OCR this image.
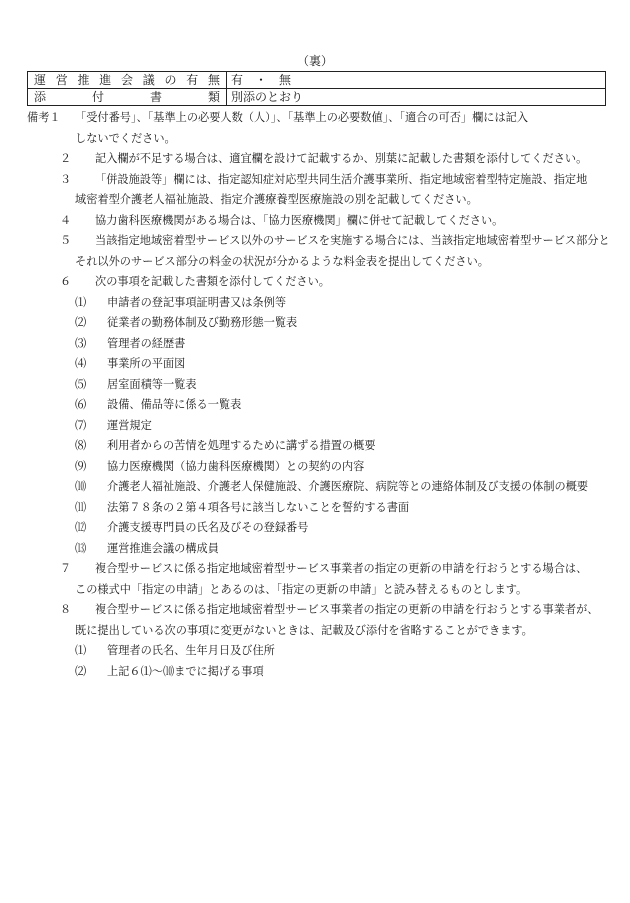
（裏）
運営推進会議の有無	有　・　無
添付書類	別添のとおり
備考１	「受付番号」、「基準上の必要人数（人）」、「基準上の必要数値」、「適合の可否」欄には記入
しないでください。
２	記入欄が不足する場合は、適宜欄を設けて記載するか、別葉に記載した書類を添付してください。
３	「併設施設等」欄には、指定認知症対応型共同生活介護事業所、指定地域密着型特定施設、指定地
域密着型介護老人福祉施設、指定介護療養型医療施設の別を記載してください。
４	協力歯科医療機関がある場合は、「協力医療機関」欄に併せて記載してください。
５	当該指定地域密着型サービス以外のサービスを実施する場合には、当該指定地域密着型サービス部分と
それ以外のサービス部分の料金の状況が分かるような料金表を提出してください。
６	次の事項を記載した書類を添付してください。
⑴	申請者の登記事項証明書又は条例等
⑵	従業者の勤務体制及び勤務形態一覧表
⑶	管理者の経歴書
⑷	事業所の平面図
⑸	居室面積等一覧表
⑹	設備、備品等に係る一覧表
⑺	運営規定
⑻	利用者からの苦情を処理するために講ずる措置の概要
⑼	協力医療機関（協力歯科医療機関）との契約の内容
⑽	介護老人福祉施設、介護老人保健施設、介護医療院、病院等との連絡体制及び支援の体制の概要
⑾	法第７８条の２第４項各号に該当しないことを誓約する書面
⑿	介護支援専門員の氏名及びその登録番号
⒀	運営推進会議の構成員
７	複合型サービスに係る指定地域密着型サービス事業者の指定の更新の申請を行おうとする場合は、
この様式中「指定の申請」とあるのは、「指定の更新の申請」と読み替えるものとします。
８	複合型サービスに係る指定地域密着型サービス事業者の指定の更新の申請を行おうとする事業者が、
既に提出している次の事項に変更がないときは、記載及び添付を省略することができます。
⑴	管理者の氏名、生年月日及び住所
⑵	上記６⑴～⑽までに掲げる事項
